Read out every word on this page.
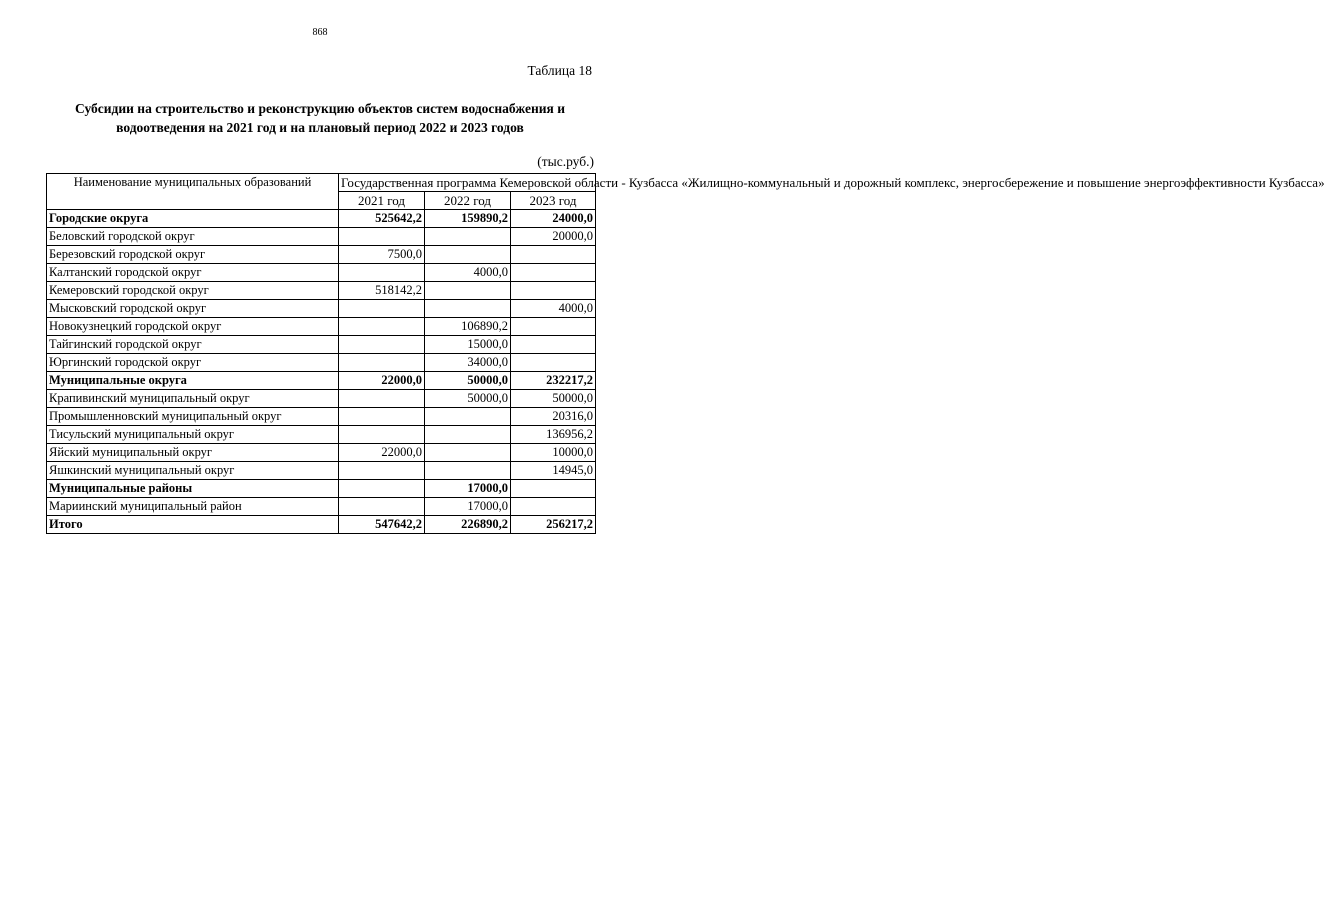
868
Таблица 18
Субсидии на строительство и реконструкцию объектов систем водоснабжения и
водоотведения на 2021 год и на плановый период 2022 и 2023 годов
(тыс.руб.)
Наименование муниципальных образований	Государственная программа Кемеровской области - Кузбасса «Жилищно-коммунальный и дорожный комплекс, энергосбережение и повышение энергоэффективности Кузбасса»		
	2021 год	2022 год	2023 год
Городские округа	525642,2	159890,2	24000,0
Беловский городской округ			20000,0
Березовский городской округ	7500,0		
Калтанский городской округ		4000,0	
Кемеровский городской округ	518142,2		
Мысковский городской округ			4000,0
Новокузнецкий городской округ		106890,2	
Тайгинский городской округ		15000,0	
Юргинский городской округ		34000,0	
Муниципальные округа	22000,0	50000,0	232217,2
Крапивинский муниципальный округ		50000,0	50000,0
Промышленновский муниципальный округ			20316,0
Тисульский муниципальный округ			136956,2
Яйский муниципальный округ	22000,0		10000,0
Яшкинский муниципальный округ			14945,0
Муниципальные районы		17000,0	
Мариинский муниципальный район		17000,0	
Итого	547642,2	226890,2	256217,2
